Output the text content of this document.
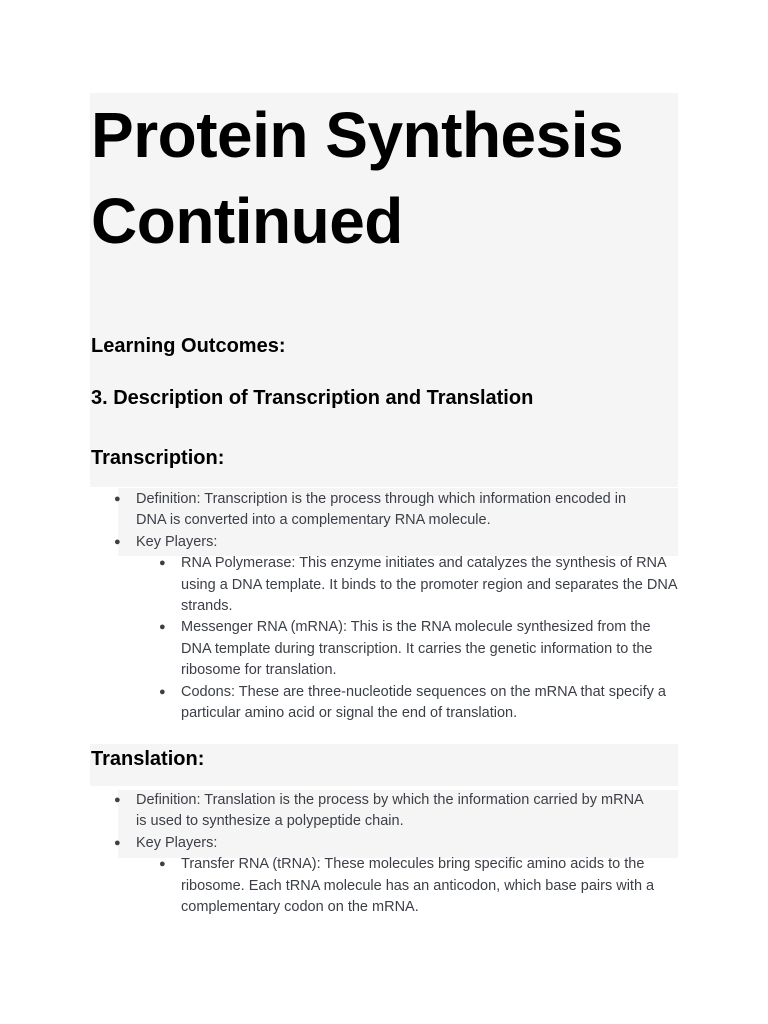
Protein Synthesis Continued
Learning Outcomes:
3. Description of Transcription and Translation
Transcription:
● Definition: Transcription is the process through which information encoded in DNA is converted into a complementary RNA molecule.
● Key Players:
● RNA Polymerase: This enzyme initiates and catalyzes the synthesis of RNA using a DNA template. It binds to the promoter region and separates the DNA strands.
● Messenger RNA (mRNA): This is the RNA molecule synthesized from the DNA template during transcription. It carries the genetic information to the ribosome for translation.
● Codons: These are three-nucleotide sequences on the mRNA that specify a particular amino acid or signal the end of translation.
Translation:
● Definition: Translation is the process by which the information carried by mRNA is used to synthesize a polypeptide chain.
● Key Players:
● Transfer RNA (tRNA): These molecules bring specific amino acids to the ribosome. Each tRNA molecule has an anticodon, which base pairs with a complementary codon on the mRNA.
